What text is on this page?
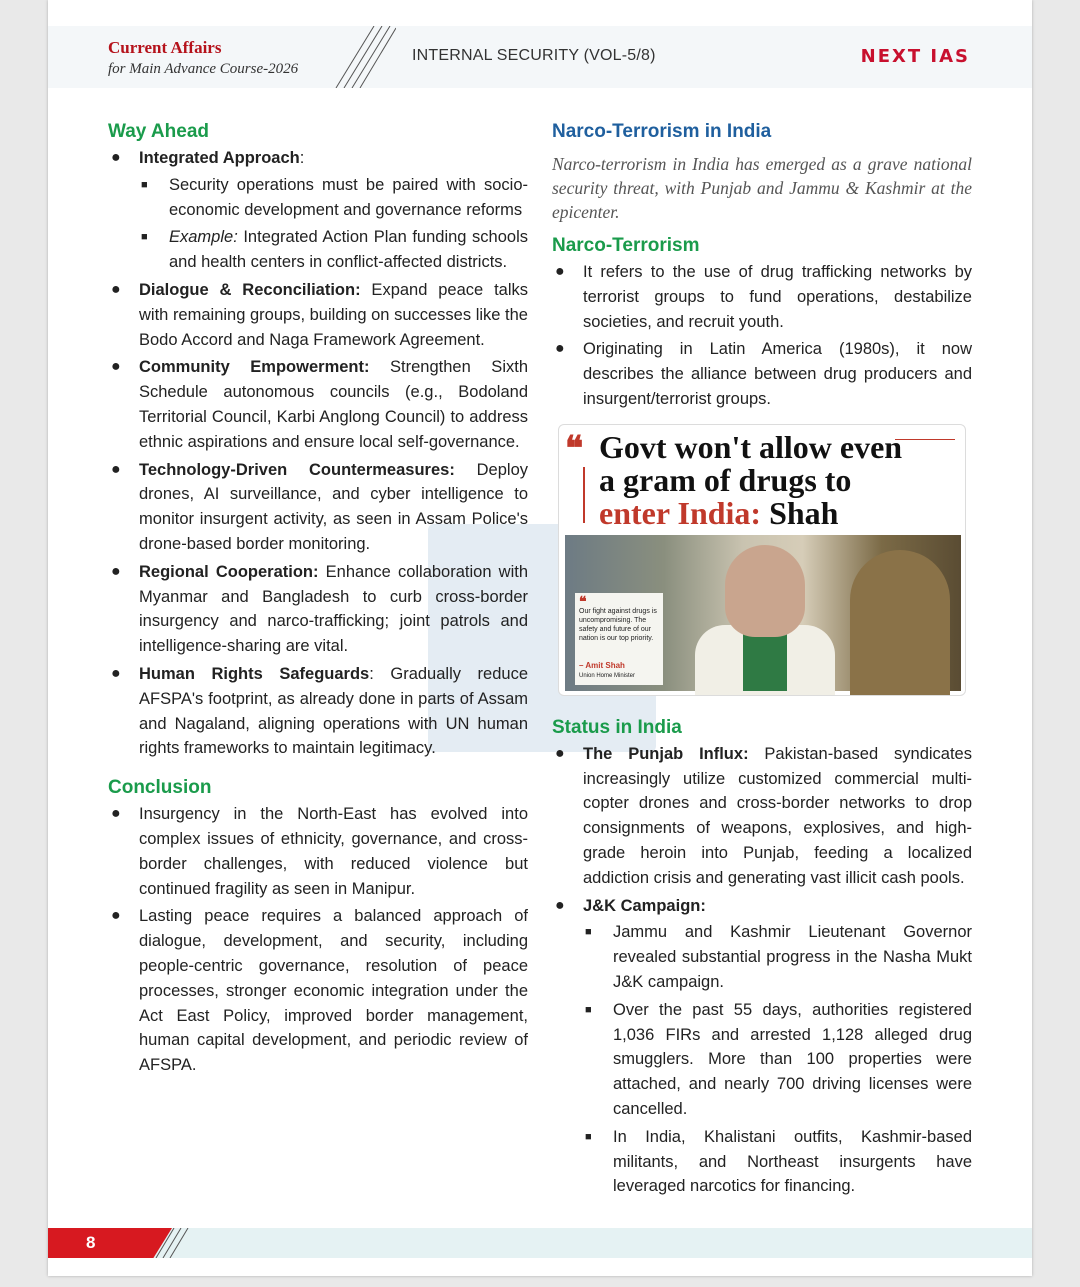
Current Affairs
for Main Advance Course-2026
INTERNAL SECURITY (VOL-5/8)	NEXT IAS
Way Ahead
● Integrated Approach:
■ Security operations must be paired with socio-economic development and governance reforms
■ Example: Integrated Action Plan funding schools and health centers in conflict-affected districts.
● Dialogue & Reconciliation: Expand peace talks with remaining groups, building on successes like the Bodo Accord and Naga Framework Agreement.
● Community Empowerment: Strengthen Sixth Schedule autonomous councils (e.g., Bodoland Territorial Council, Karbi Anglong Council) to address ethnic aspirations and ensure local self-governance.
● Technology-Driven Countermeasures: Deploy drones, AI surveillance, and cyber intelligence to monitor insurgent activity, as seen in Assam Police's drone-based border monitoring.
● Regional Cooperation: Enhance collaboration with Myanmar and Bangladesh to curb cross-border insurgency and narco-trafficking; joint patrols and intelligence-sharing are vital.
● Human Rights Safeguards: Gradually reduce AFSPA's footprint, as already done in parts of Assam and Nagaland, aligning operations with UN human rights frameworks to maintain legitimacy.
Conclusion
● Insurgency in the North-East has evolved into complex issues of ethnicity, governance, and cross-border challenges, with reduced violence but continued fragility as seen in Manipur.
● Lasting peace requires a balanced approach of dialogue, development, and security, including people-centric governance, resolution of peace processes, stronger economic integration under the Act East Policy, improved border management, human capital development, and periodic review of AFSPA.
Narco-Terrorism in India
Narco-terrorism in India has emerged as a grave national security threat, with Punjab and Jammu & Kashmir at the epicenter.
Narco-Terrorism
● It refers to the use of drug trafficking networks by terrorist groups to fund operations, destabilize societies, and recruit youth.
● Originating in Latin America (1980s), it now describes the alliance between drug producers and insurgent/terrorist groups.
❝ Govt won't allow even
a gram of drugs to
enter India: Shah
❝
Our fight against drugs is uncompromising. The safety and future of our nation is our top priority.
– Amit Shah
Union Home Minister
Status in India
● The Punjab Influx: Pakistan-based syndicates increasingly utilize customized commercial multi-copter drones and cross-border networks to drop consignments of weapons, explosives, and high-grade heroin into Punjab, feeding a localized addiction crisis and generating vast illicit cash pools.
● J&K Campaign:
■ Jammu and Kashmir Lieutenant Governor revealed substantial progress in the Nasha Mukt J&K campaign.
■ Over the past 55 days, authorities registered 1,036 FIRs and arrested 1,128 alleged drug smugglers. More than 100 properties were attached, and nearly 700 driving licenses were cancelled.
■ In India, Khalistani outfits, Kashmir-based militants, and Northeast insurgents have leveraged narcotics for financing.
8
